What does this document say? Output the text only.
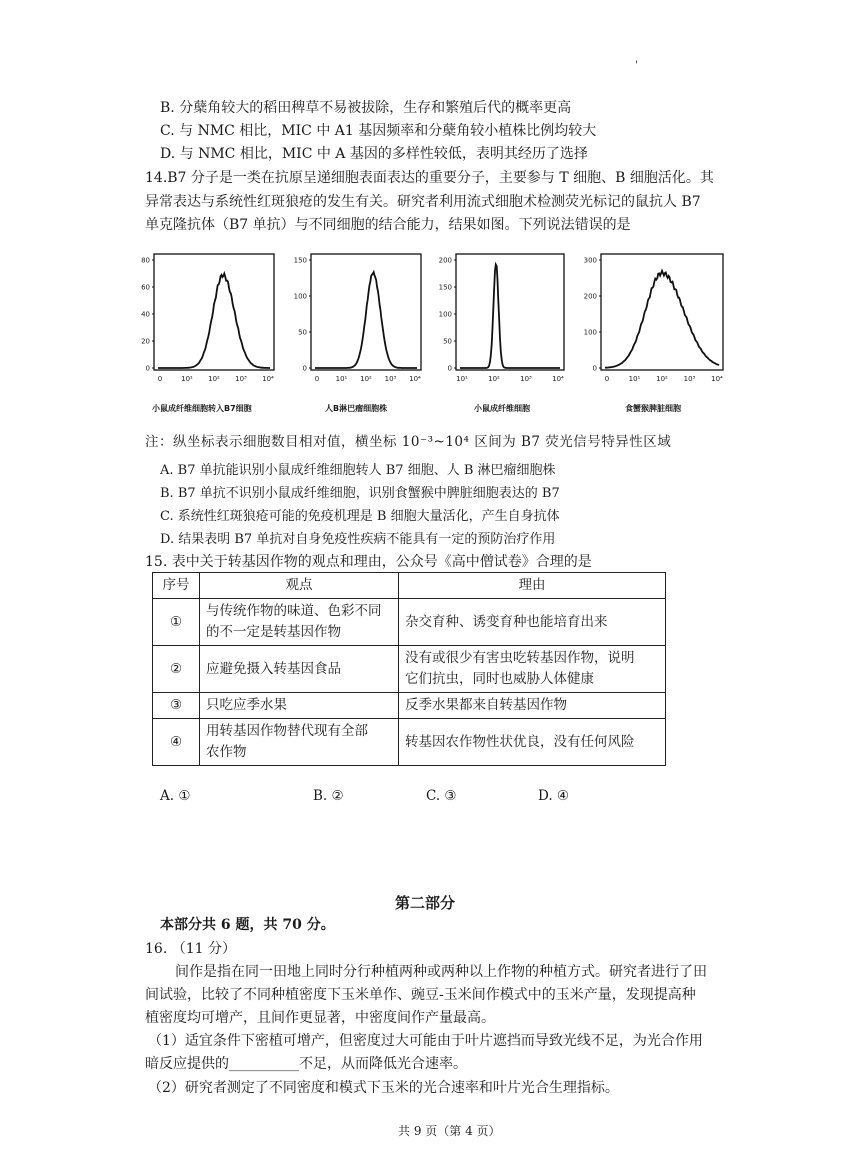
'
B. 分蘖角较大的稻田稗草不易被拔除，生存和繁殖后代的概率更高
C. 与 NMC 相比，MIC 中 A1 基因频率和分蘖角较小植株比例均较大
D. 与 NMC 相比，MIC 中 A 基因的多样性较低，表明其经历了选择
14.B7 分子是一类在抗原呈递细胞表面表达的重要分子，主要参与 T 细胞、B 细胞活化。其
异常表达与系统性红斑狼疮的发生有关。研究者利用流式细胞术检测荧光标记的鼠抗人 B7
单克隆抗体（B7 单抗）与不同细胞的结合能力，结果如图。下列说法错误的是
80
60
40
20
0
0	10¹ 10² 10³ 10⁴
150
100
50
0
0 10¹ 10² 10³ 10⁴
200
150
100
50
0
10¹	10²	10³	10⁴
300
200
100
0
0	10¹ 10² 10³ 10⁴
小鼠成纤维细胞转入B7细胞	人B淋巴瘤细胞株	小鼠成纤维细胞	食蟹猴脾脏细胞
注：纵坐标表示细胞数目相对值，横坐标 10⁻³~10⁴ 区间为 B7 荧光信号特异性区域
A. B7 单抗能识别小鼠成纤维细胞转人 B7 细胞、人 B 淋巴瘤细胞株
B. B7 单抗不识别小鼠成纤维细胞，识别食蟹猴中脾脏细胞表达的 B7
C. 系统性红斑狼疮可能的免疫机理是 B 细胞大量活化，产生自身抗体
D. 结果表明 B7 单抗对自身免疫性疾病不能具有一定的预防治疗作用
15. 表中关于转基因作物的观点和理由，公众号《高中僧试卷》合理的是
序号	观点	理由
①	与传统作物的味道、色彩不同
的不一定是转基因作物	杂交育种、诱变育种也能培育出来
②	应避免摄入转基因食品	没有或很少有害虫吃转基因作物，说明
它们抗虫，同时也威胁人体健康
③	只吃应季水果	反季水果都来自转基因作物
④	用转基因作物替代现有全部
农作物	转基因农作物性状优良，没有任何风险
A. ①	B. ②	C. ③	D. ④
第二部分
本部分共 6 题，共 70 分。
16. （11 分）
间作是指在同一田地上同时分行种植两种或两种以上作物的种植方式。研究者进行了田
间试验，比较了不同种植密度下玉米单作、豌豆-玉米间作模式中的玉米产量，发现提高种
植密度均可增产，且间作更显著，中密度间作产量最高。
（1）适宜条件下密植可增产，但密度过大可能由于叶片遮挡而导致光线不足，为光合作用
暗反应提供的__________不足，从而降低光合速率。
（2）研究者测定了不同密度和模式下玉米的光合速率和叶片光合生理指标。
共 9 页（第 4 页）
